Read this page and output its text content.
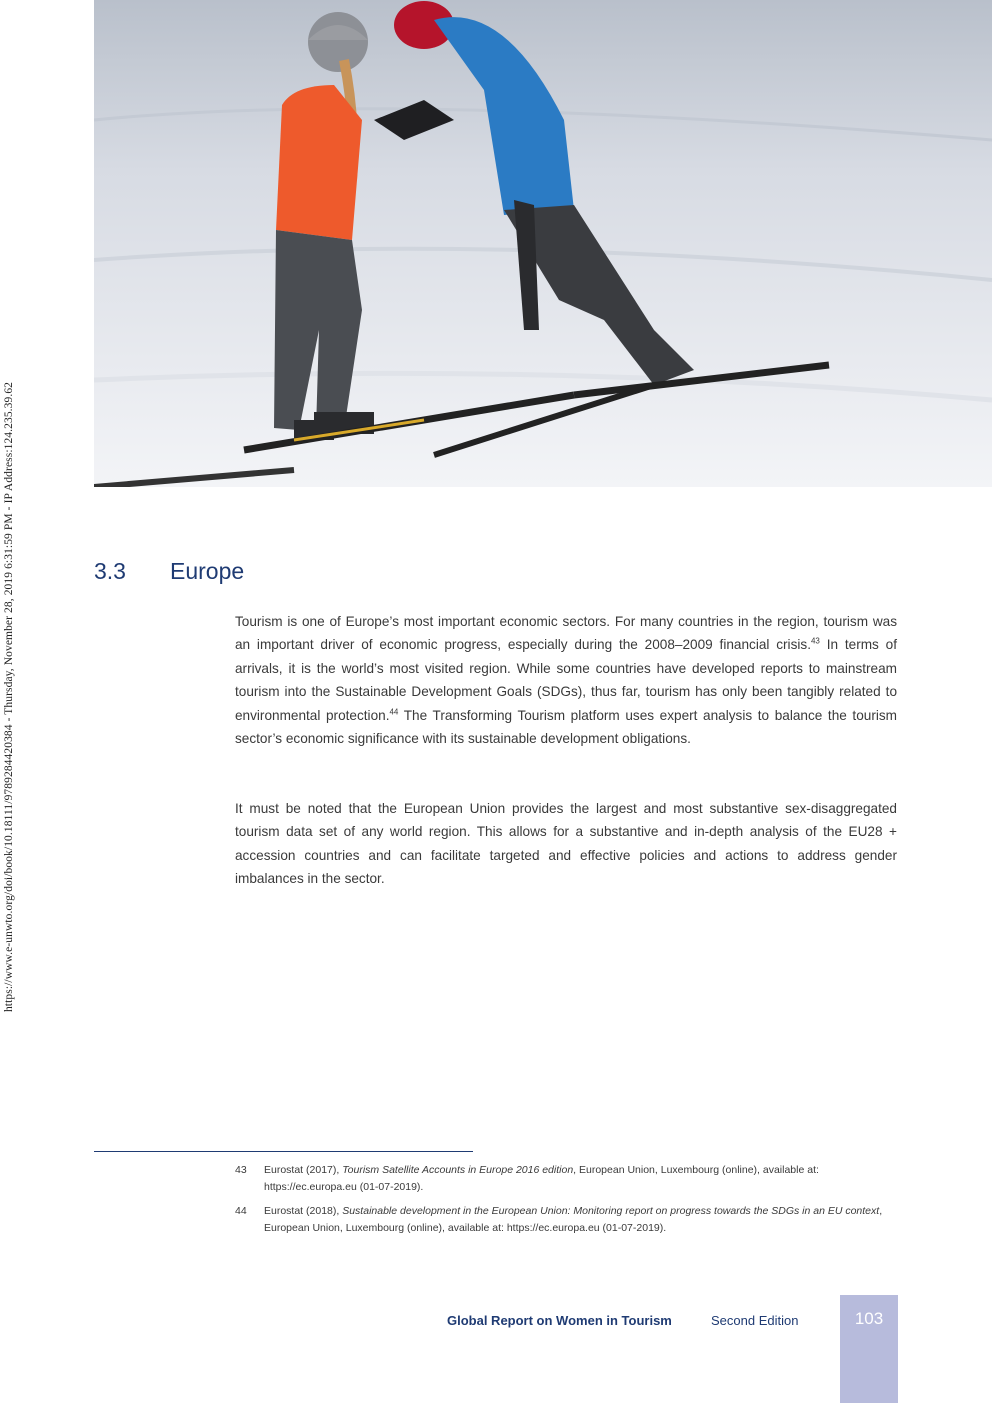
https://www.e-unwto.org/doi/book/10.18111/9789284420384 - Thursday, November 28, 2019 6:31:59 PM - IP Address:124.235.39.62	3.3 Europe
Tourism is one of Europe’s most important economic sectors. For many countries in the region, tourism was an important driver of economic progress, especially during the 2008–2009 financial crisis.$^{43}$ In terms of arrivals, it is the world’s most visited region. While some countries have developed reports to mainstream tourism into the Sustainable Development Goals (SDGs), thus far, tourism has only been tangibly related to environmental protection.$^{44}$ The Transforming Tourism platform uses expert analysis to balance the tourism sector’s economic significance with its sustainable development obligations.
It must be noted that the European Union provides the largest and most substantive sex-disaggregated tourism data set of any world region. This allows for a substantive and in-depth analysis of the EU28 + accession countries and can facilitate targeted and effective policies and actions to address gender imbalances in the sector.
43 Eurostat (2017), Tourism Satellite Accounts in Europe 2016 edition, European Union, Luxembourg (online), available at: https://ec.europa.eu (01-07-2019).
44 Eurostat (2018), Sustainable development in the European Union: Monitoring report on progress towards the SDGs in an EU context, European Union, Luxembourg (online), available at: https://ec.europa.eu (01-07-2019).
Global Report on Women in Tourism	Second Edition	103
